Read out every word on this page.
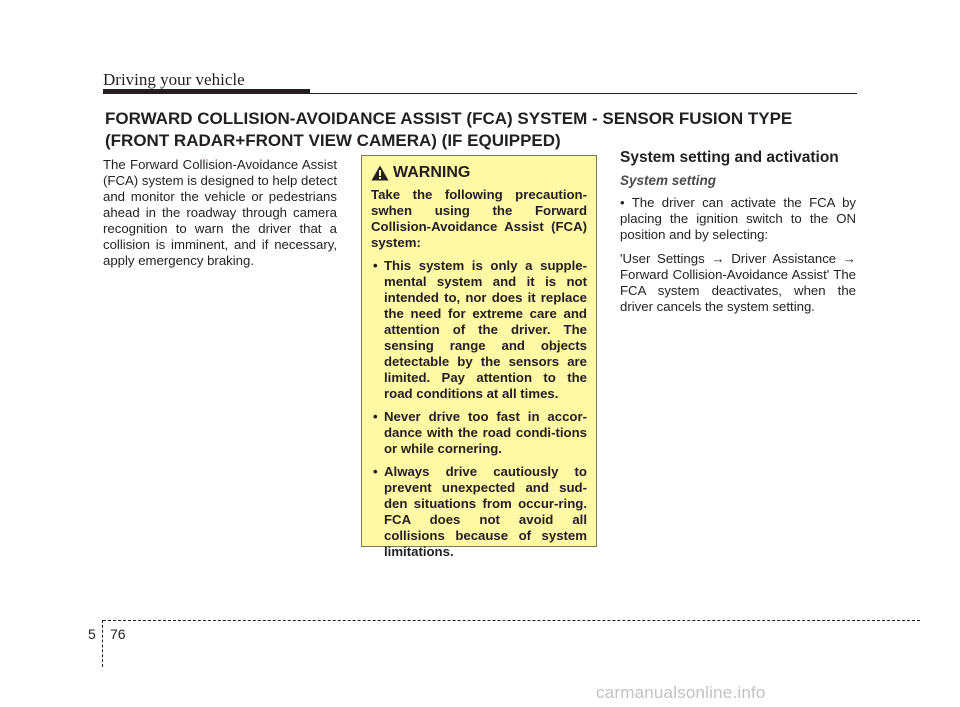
Driving your vehicle
FORWARD COLLISION-AVOIDANCE ASSIST (FCA) SYSTEM - SENSOR FUSION TYPE
(FRONT RADAR+FRONT VIEW CAMERA) (IF EQUIPPED)
The Forward Collision-Avoidance Assist (FCA) system is designed to help detect and monitor the vehicle or pedestrians ahead in the roadway through camera recognition to warn the driver that a collision is imminent, and if necessary, apply emergency braking.
WARNING
Take the following precaution-swhen using the Forward Collision-Avoidance Assist (FCA) system:
• This system is only a supple-mental system and it is not intended to, nor does it replace the need for extreme care and attention of the driver. The sensing range and objects detectable by the sensors are limited. Pay attention to the road conditions at all times.
• Never drive too fast in accor-dance with the road condi-tions or while cornering.
• Always drive cautiously to prevent unexpected and sud-den situations from occur-ring. FCA does not avoid all collisions because of system limitations.
System setting and activation
System setting

• The driver can activate the FCA by placing the ignition switch to the ON position and by selecting:

'User Settings → Driver Assistance → Forward Collision-Avoidance Assist' The FCA system deactivates, when the driver cancels the system setting.

5 76
carmanualsonline.info
